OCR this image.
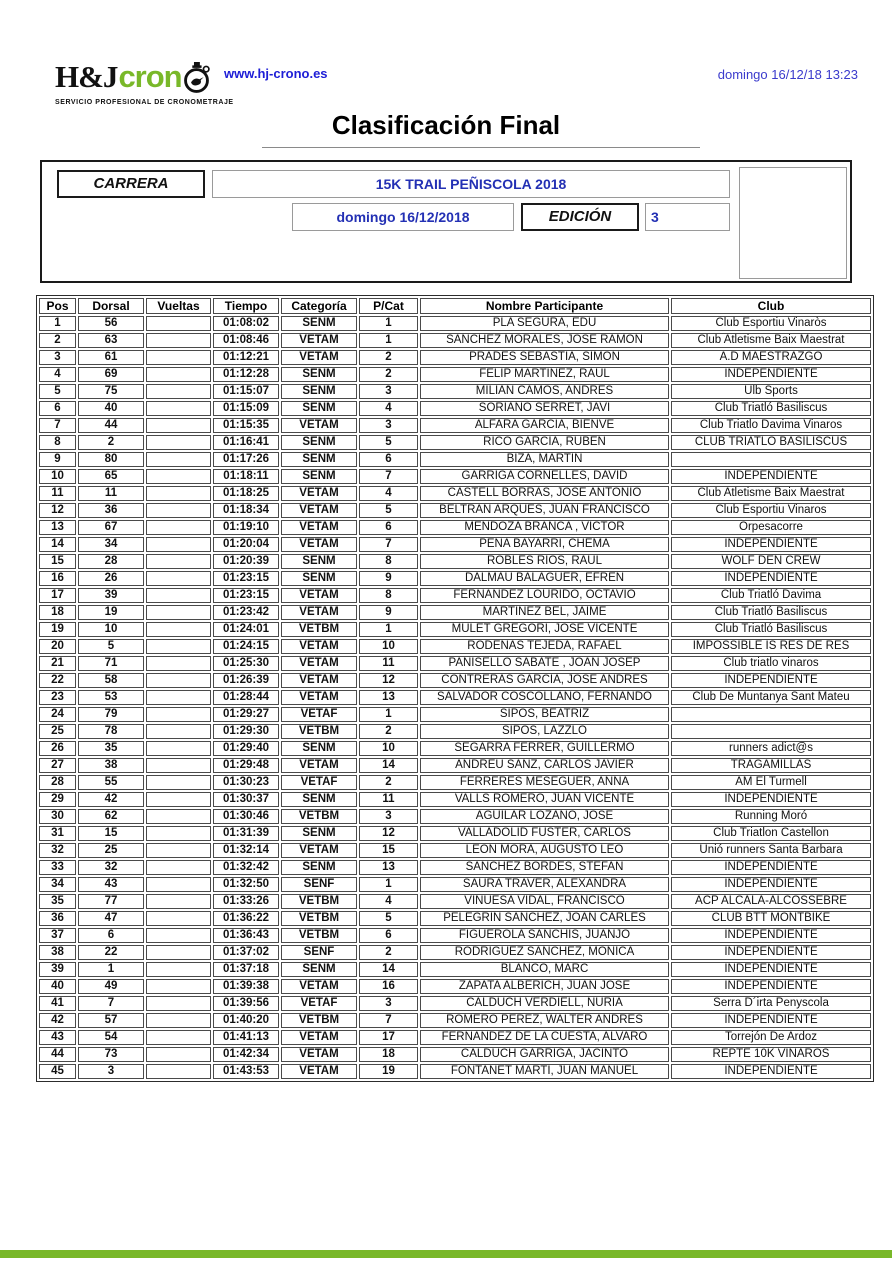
H&J cron
SERVICIO PROFESIONAL DE CRONOMETRAJE
www.hj-crono.es	domingo 16/12/18 13:23
Clasificación Final
CARRERA	15K TRAIL PEÑISCOLA 2018
domingo 16/12/2018	EDICIÓN	3
Pos	Dorsal	Vueltas	Tiempo	Categoría	P/Cat	Nombre Participante	Club
1	56		01:08:02	SENM	1	PLA SEGURA, EDU	Club Esportiu Vinaròs
2	63		01:08:46	VETAM	1	SÁNCHEZ MORALES, JOSÉ RAMON	Club Atletisme Baix Maestrat
3	61		01:12:21	VETAM	2	PRADES SEBASTIA, SIMON	A.D MAESTRAZGO
4	69		01:12:28	SENM	2	FELIP MARTINEZ, RAUL	INDEPENDIENTE
5	75		01:15:07	SENM	3	MILIÁN CAMÓS, ANDRÉS	Ulb Sports
6	40		01:15:09	SENM	4	SORIANO SERRET, JAVI	Club Triatló Basiliscus
7	44		01:15:35	VETAM	3	ALFARA GARCIA, BIENVE	Club Triatlo Davima Vinaros
8	2		01:16:41	SENM	5	RICO GARCIA, RUBEN	CLUB TRIATLO BASILISCUS
9	80		01:17:26	SENM	6	BIZA, MARTIN	
10	65		01:18:11	SENM	7	GARRIGA CORNELLES, DAVID	INDEPENDIENTE
11	11		01:18:25	VETAM	4	CASTELL BORRAS, JOSE ANTONIO	Club Atletisme Baix Maestrat
12	36		01:18:34	VETAM	5	BELTRAN ARQUES, JUAN FRANCISCO	Club Esportiu Vinaros
13	67		01:19:10	VETAM	6	MENDOZA BRANCA , VICTOR	Orpesacorre
14	34		01:20:04	VETAM	7	PEÑA BAYARRI, CHEMA	INDEPENDIENTE
15	28		01:20:39	SENM	8	ROBLES RIOS, RAUL	WOLF DEN CREW
16	26		01:23:15	SENM	9	DALMAU BALAGUER, EFRÉN	INDEPENDIENTE
17	39		01:23:15	VETAM	8	FERNÁNDEZ LOURIDO, OCTAVIO	Club Triatló Davima
18	19		01:23:42	VETAM	9	MARTINEZ BEL, JAIME	Club Triatló Basiliscus
19	10		01:24:01	VETBM	1	MULET GREGORI, JOSE VICENTE	Club Triatló Basiliscus
20	5		01:24:15	VETAM	10	RÓDENAS TEJEDA, RAFAEL	IMPOSSIBLE IS RES DE RES
21	71		01:25:30	VETAM	11	PANISELLO SABATE , JOAN JOSEP	Club triatlo vinaros
22	58		01:26:39	VETAM	12	CONTRERAS GARCÍA, JOSÉ ANDRÉS	INDEPENDIENTE
23	53		01:28:44	VETAM	13	SALVADOR COSCOLLANO, FERNANDO	Club De Muntanya Sant Mateu
24	79		01:29:27	VETAF	1	SIPOS, BEATRIZ	
25	78		01:29:30	VETBM	2	SIPOS, LAZZLO	
26	35		01:29:40	SENM	10	SEGARRA FERRER, GUILLERMO	runners adict@s
27	38		01:29:48	VETAM	14	ANDREU SANZ, CARLOS JAVIER	TRAGAMILLAS
28	55		01:30:23	VETAF	2	FERRERES MESEGUER, ANNA	AM El Turmell
29	42		01:30:37	SENM	11	VALLS ROMERO, JUAN VICENTE	INDEPENDIENTE
30	62		01:30:46	VETBM	3	AGUILAR LOZANO, JOSE	Running Moró
31	15		01:31:39	SENM	12	VALLADOLID FUSTER, CARLOS	Club Triatlon Castellon
32	25		01:32:14	VETAM	15	LEON MORA, AUGUSTO LEO	Unió runners Santa Barbara
33	32		01:32:42	SENM	13	SANCHEZ BORDES, STEFAN	INDEPENDIENTE
34	43		01:32:50	SENF	1	SAURA TRAVER, ALEXANDRA	INDEPENDIENTE
35	77		01:33:26	VETBM	4	VINUESA VIDAL, FRANCISCO	ACP ALCALA-ALCOSSEBRE
36	47		01:36:22	VETBM	5	PELEGRIN SANCHEZ, JOAN CARLES	CLUB BTT MONTBIKE
37	6		01:36:43	VETBM	6	FIGUEROLA SANCHIS, JUANJO	INDEPENDIENTE
38	22		01:37:02	SENF	2	RODRÍGUEZ SÁNCHEZ, MÓNICA	INDEPENDIENTE
39	1		01:37:18	SENM	14	BLANCO, MARC	INDEPENDIENTE
40	49		01:39:38	VETAM	16	ZAPATA ALBERICH, JUAN JOSE	INDEPENDIENTE
41	7		01:39:56	VETAF	3	CALDUCH VERDIELL, NÚRIA	Serra D´irta Penyscola
42	57		01:40:20	VETBM	7	ROMERO PEREZ, WALTER ANDRES	INDEPENDIENTE
43	54		01:41:13	VETAM	17	FERNÁNDEZ DE LA CUESTA, ALVARO	Torrejón De Ardoz
44	73		01:42:34	VETAM	18	CALDUCH GARRIGA, JACINTO	REPTE 10K VINAROS
45	3		01:43:53	VETAM	19	FONTANET MARTÍ, JUAN MANUEL	INDEPENDIENTE
